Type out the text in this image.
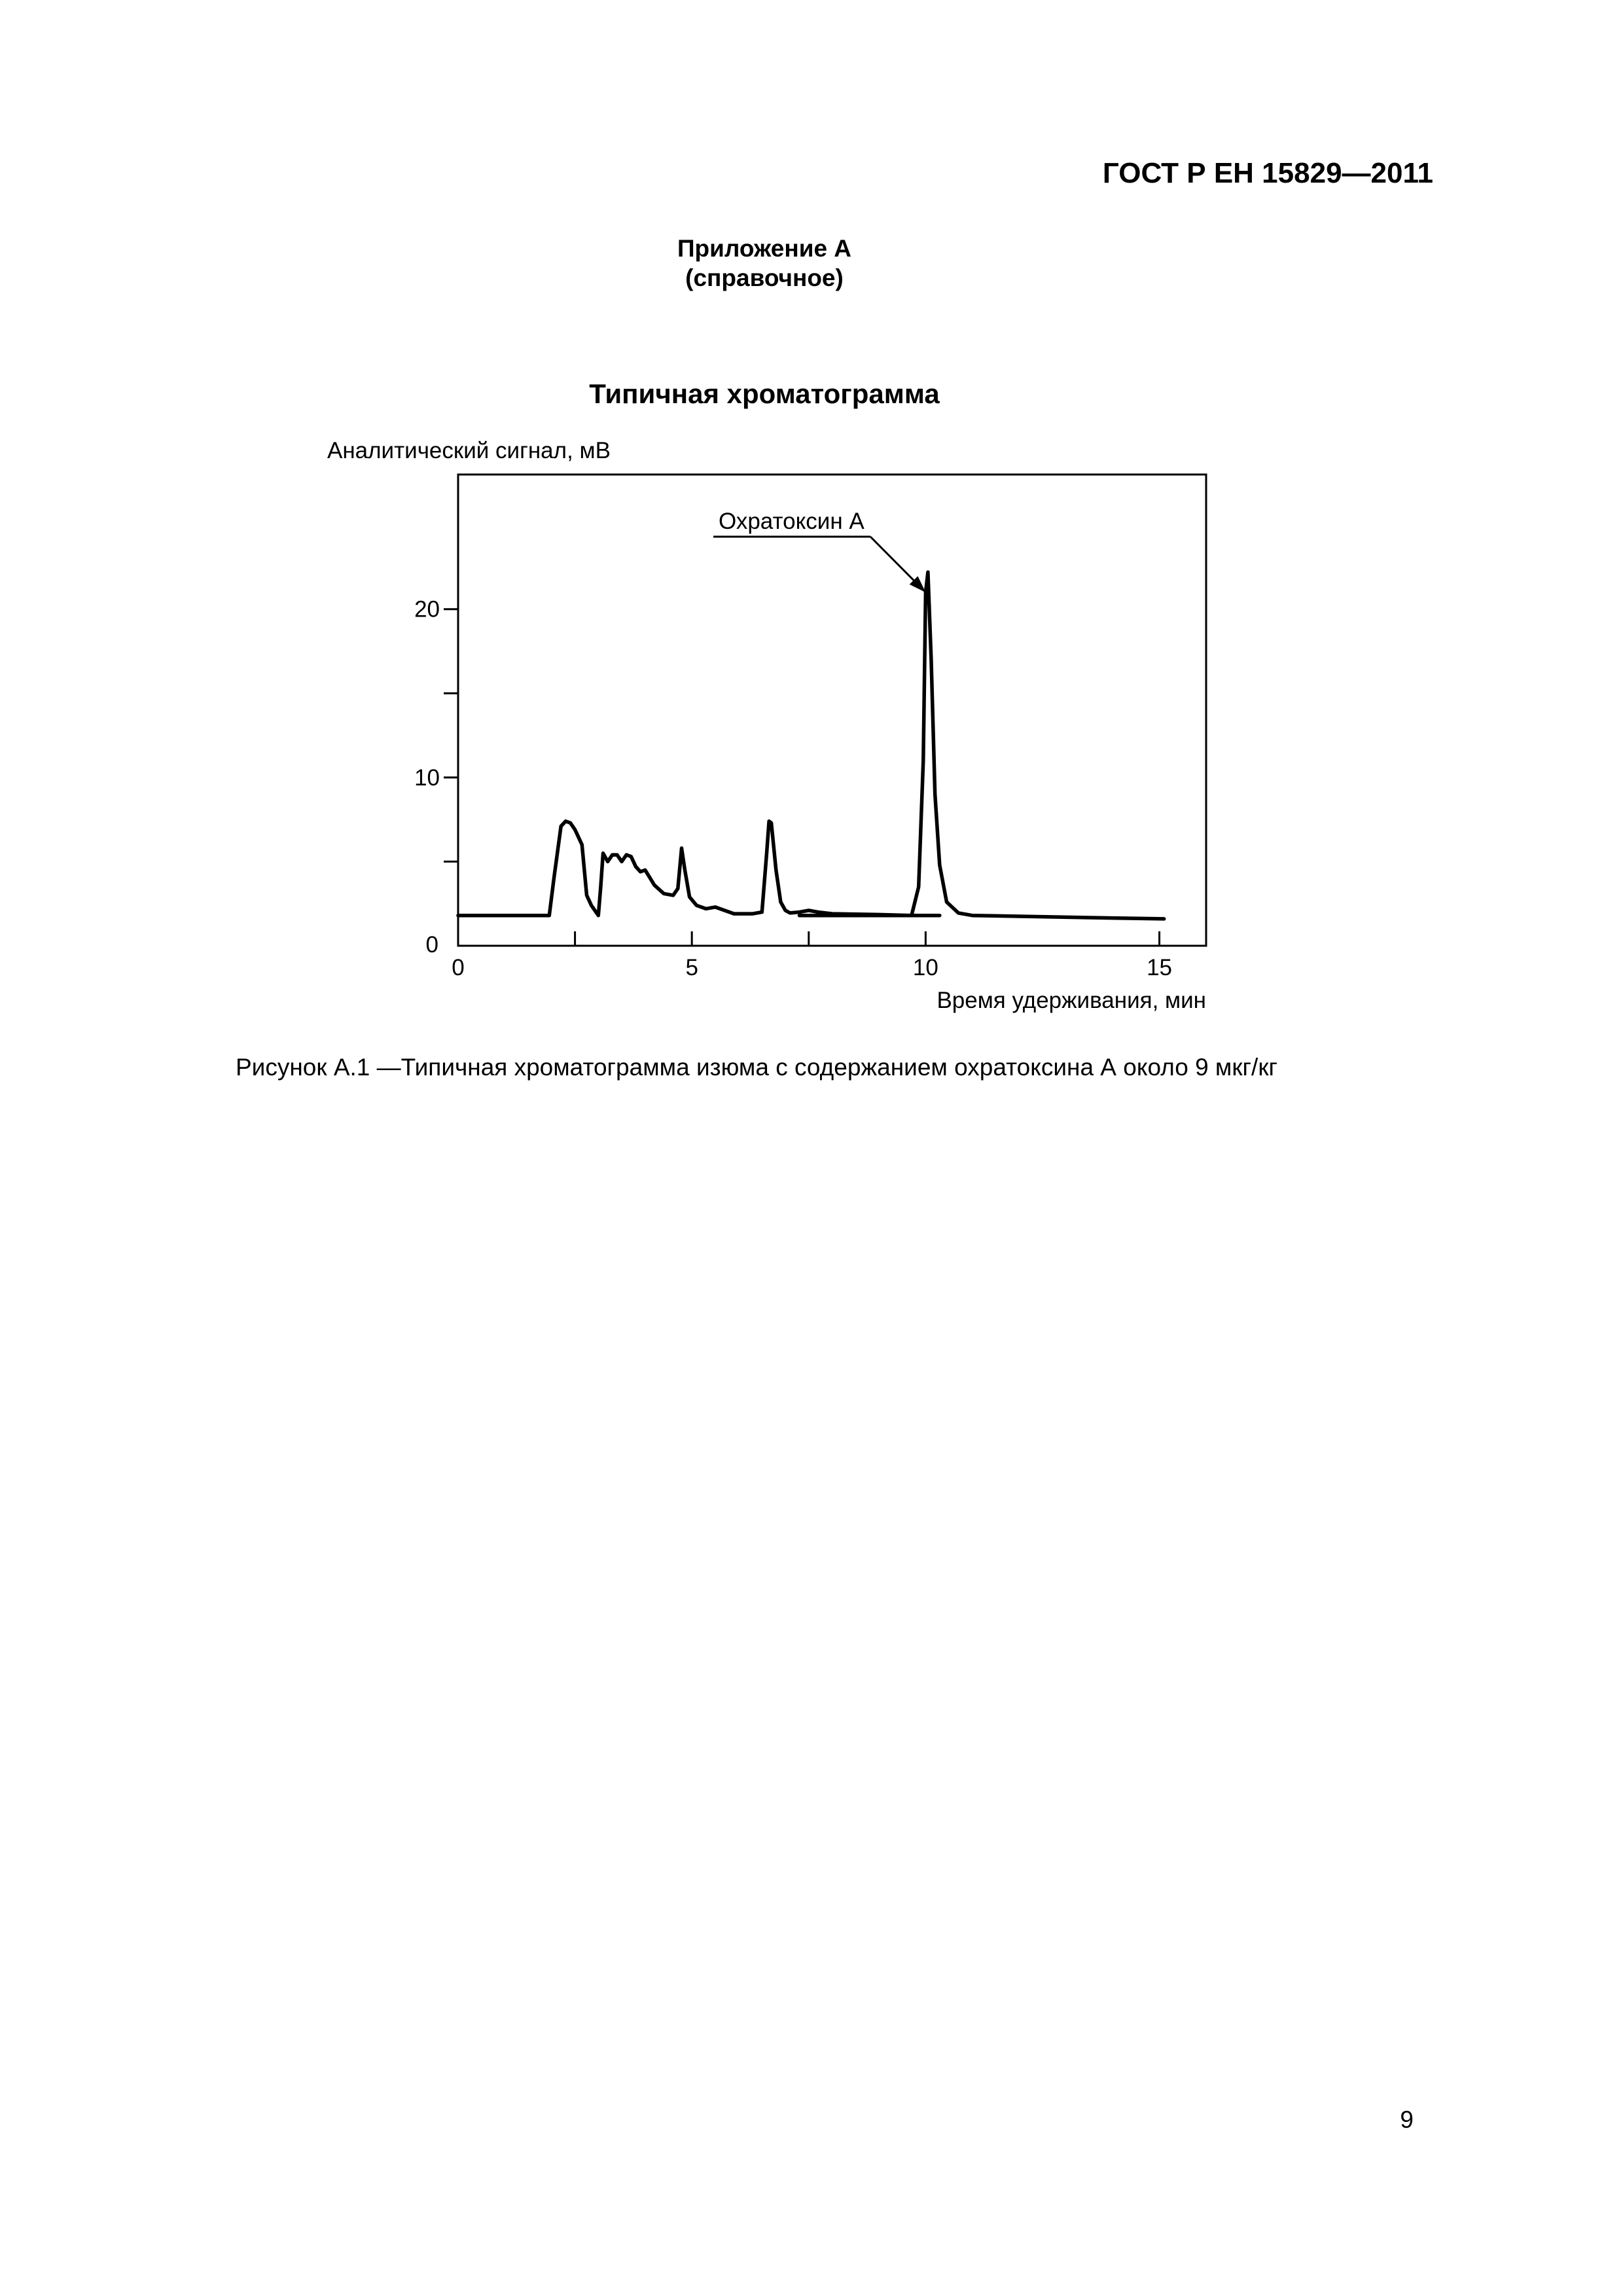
ГОСТ Р ЕН 15829—2011
Приложение А
(справочное)
Типичная хроматограмма
Аналитический сигнал, мВ
0	5	10	15
0
10
20
Охратоксин А
Время удерживания, мин
Рисунок А.1 —Типичная хроматограмма изюма с содержанием охратоксина А около 9 мкг/кг
9
